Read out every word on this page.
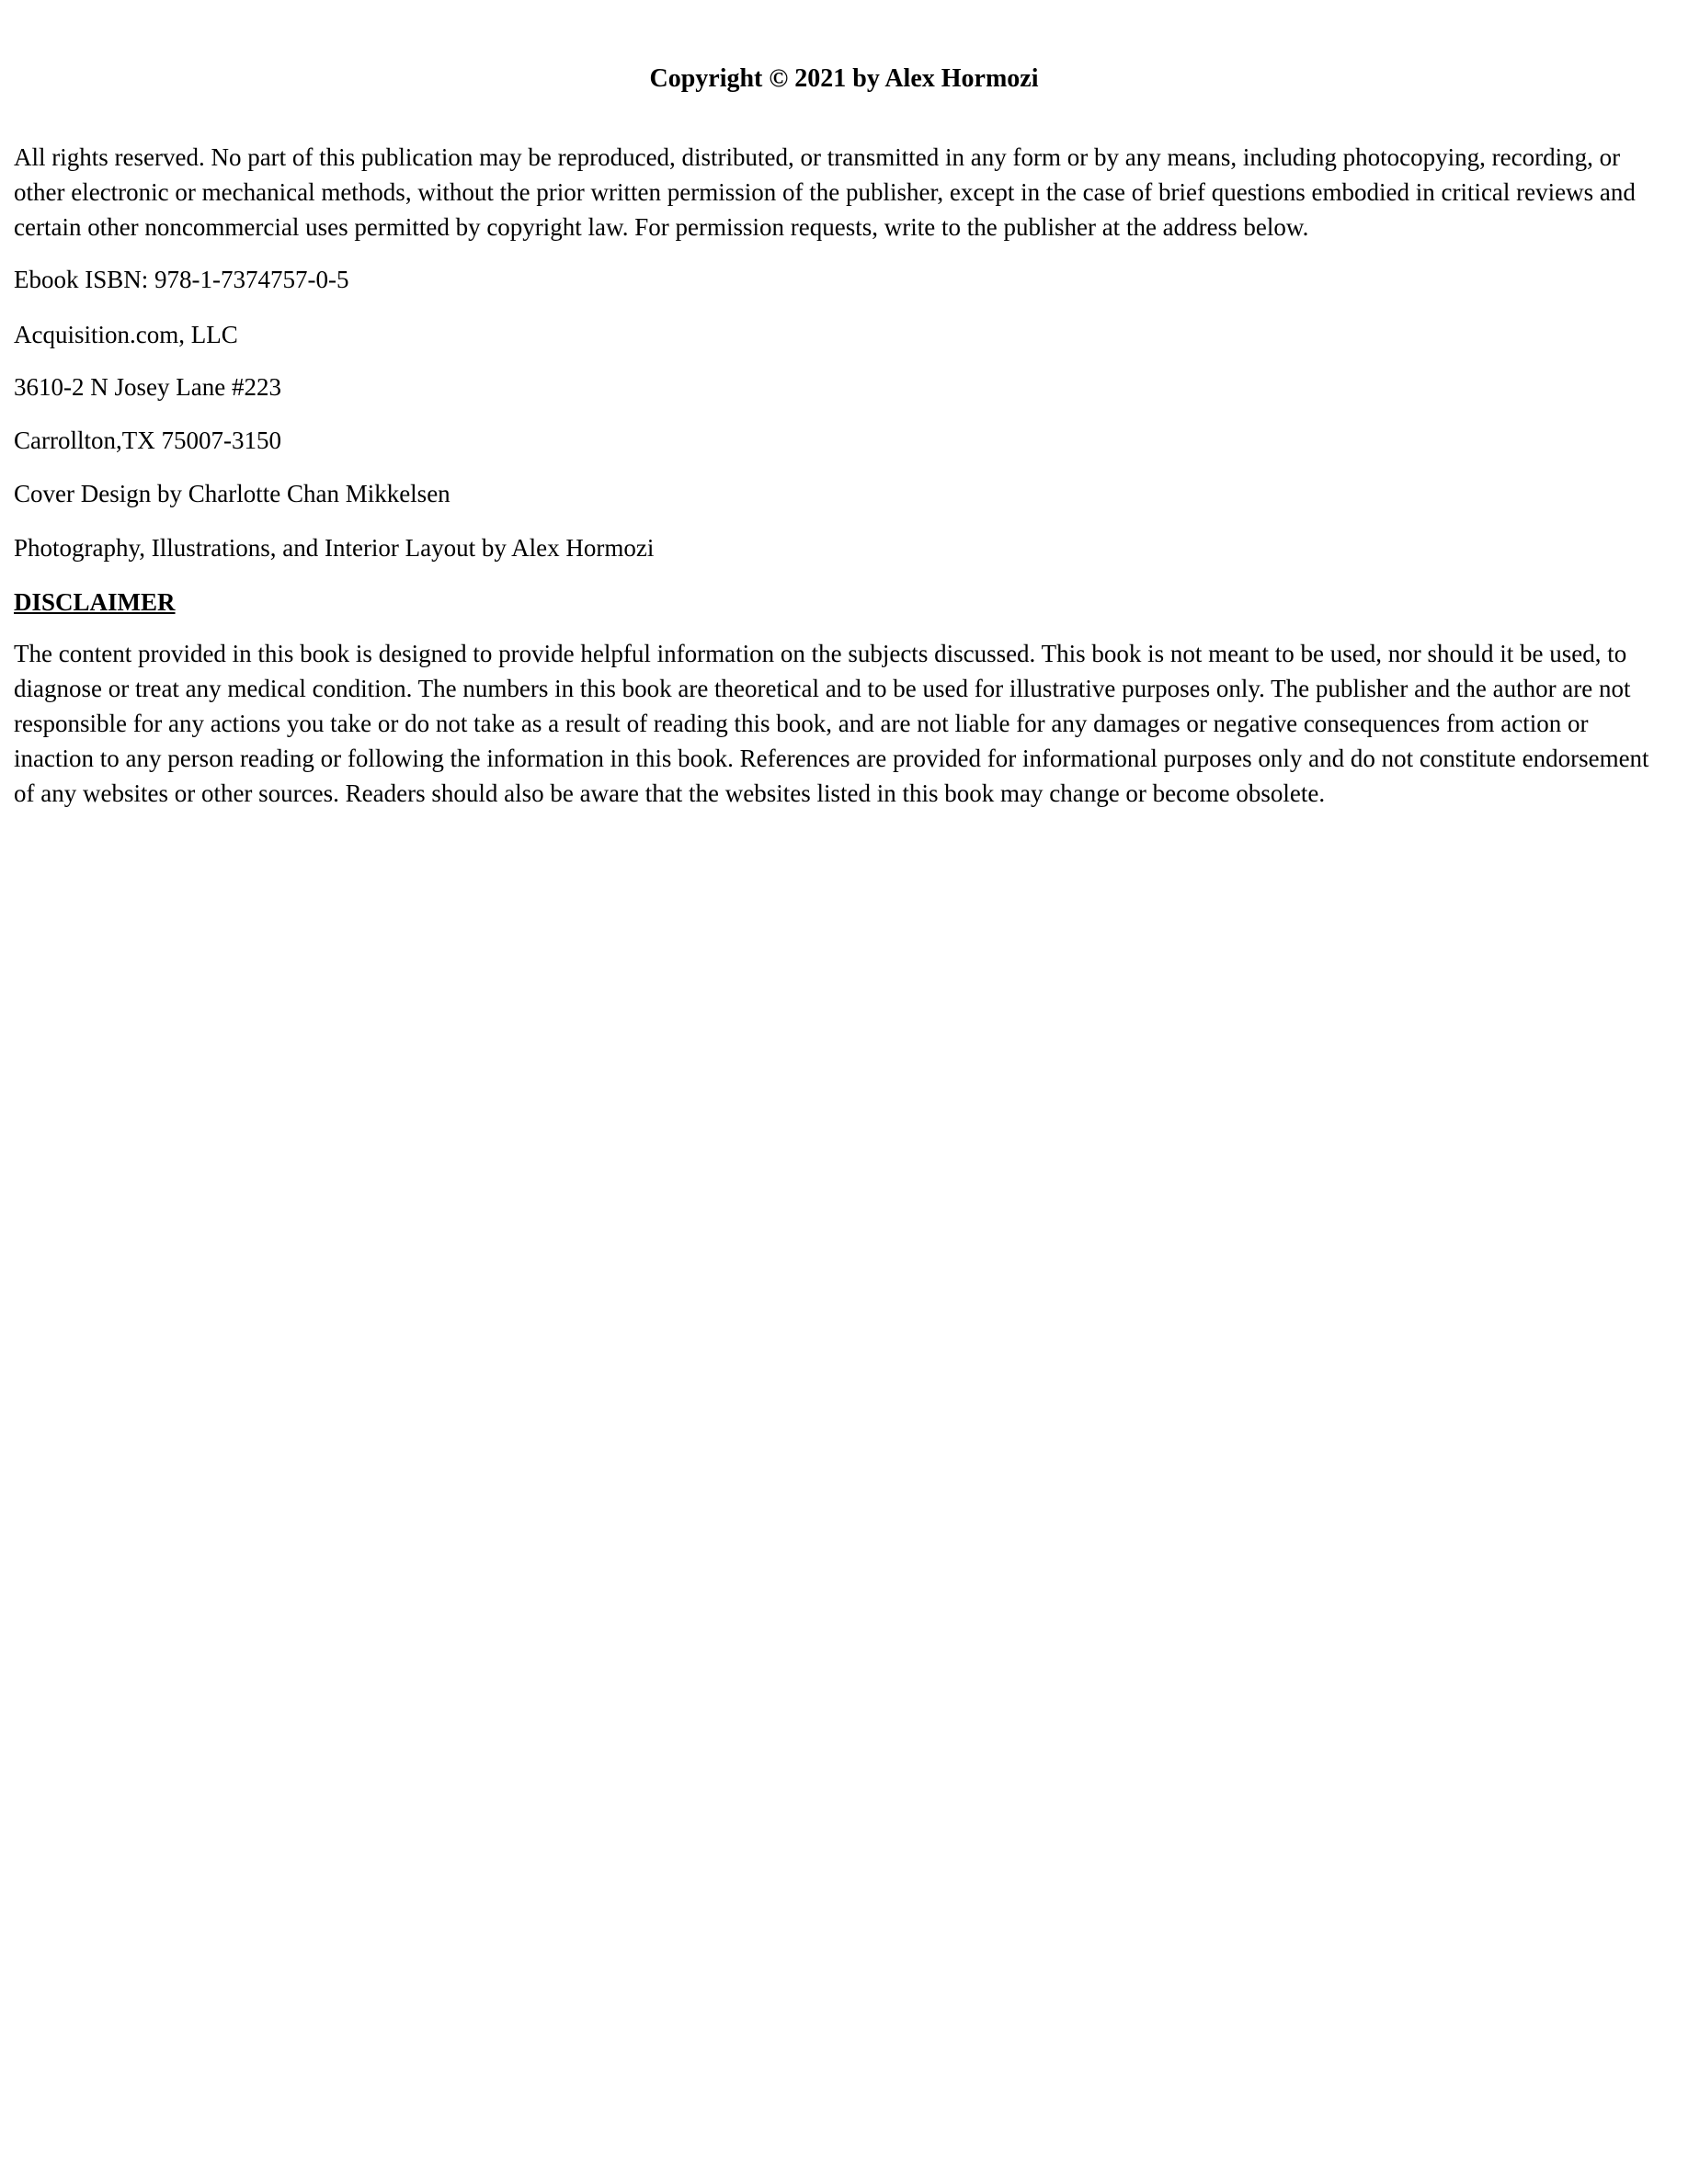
Copyright © 2021 by Alex Hormozi

All rights reserved. No part of this publication may be reproduced, distributed, or transmitted in any form or by any means, including photocopying, recording, or other electronic or mechanical methods, without the prior written permission of the publisher, except in the case of brief questions embodied in critical reviews and certain other noncommercial uses permitted by copyright law. For permission requests, write to the publisher at the address below.

Ebook ISBN: 978-1-7374757-0-5

Acquisition.com, LLC

3610-2 N Josey Lane #223

Carrollton,TX 75007-3150

Cover Design by Charlotte Chan Mikkelsen

Photography, Illustrations, and Interior Layout by Alex Hormozi

DISCLAIMER

The content provided in this book is designed to provide helpful information on the subjects discussed. This book is not meant to be used, nor should it be used, to diagnose or treat any medical condition. The numbers in this book are theoretical and to be used for illustrative purposes only. The publisher and the author are not responsible for any actions you take or do not take as a result of reading this book, and are not liable for any damages or negative consequences from action or inaction to any person reading or following the information in this book. References are provided for informational purposes only and do not constitute endorsement of any websites or other sources. Readers should also be aware that the websites listed in this book may change or become obsolete.
